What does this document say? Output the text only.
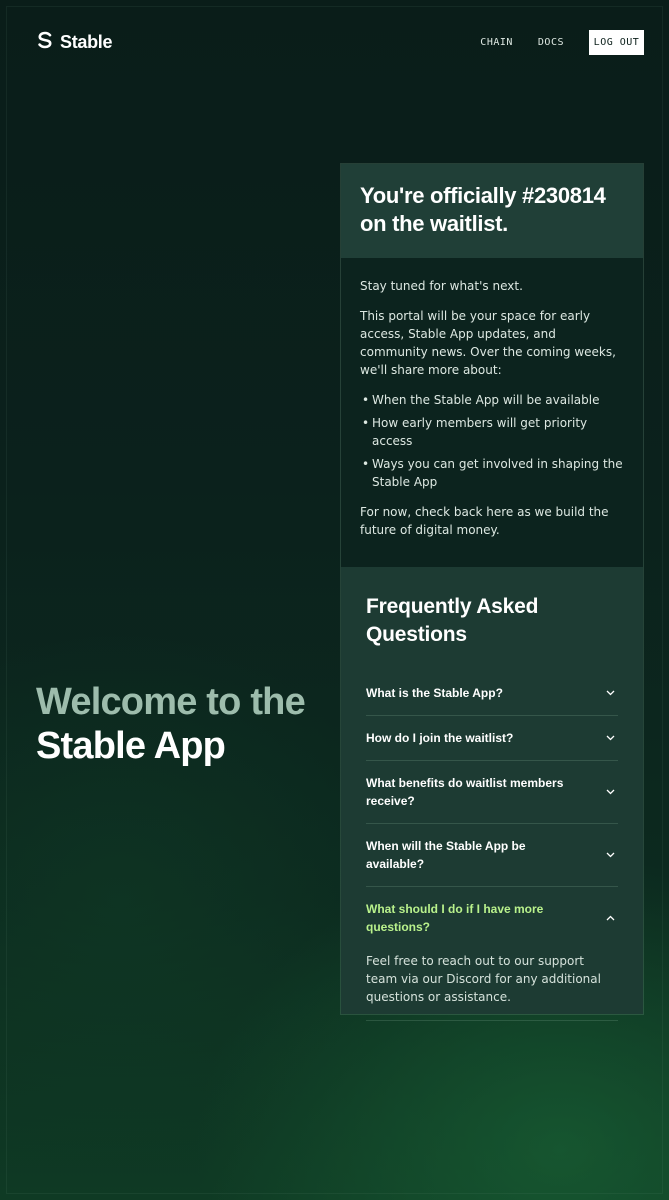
Stable	CHAIN	DOCS	LOG OUT
Welcome to the
Stable App
You're officially #230814 on the waitlist.

Stay tuned for what's next.

This portal will be your space for early access, Stable App updates, and community news. Over the coming weeks, we'll share more about:

• When the Stable App will be available
• How early members will get priority access
• Ways you can get involved in shaping the Stable App

For now, check back here as we build the future of digital money.

Frequently Asked Questions
What is the Stable App?
How do I join the waitlist?
What benefits do waitlist members receive?
When will the Stable App be available?
What should I do if I have more questions?
Feel free to reach out to our support team via our Discord for any additional questions or assistance.
